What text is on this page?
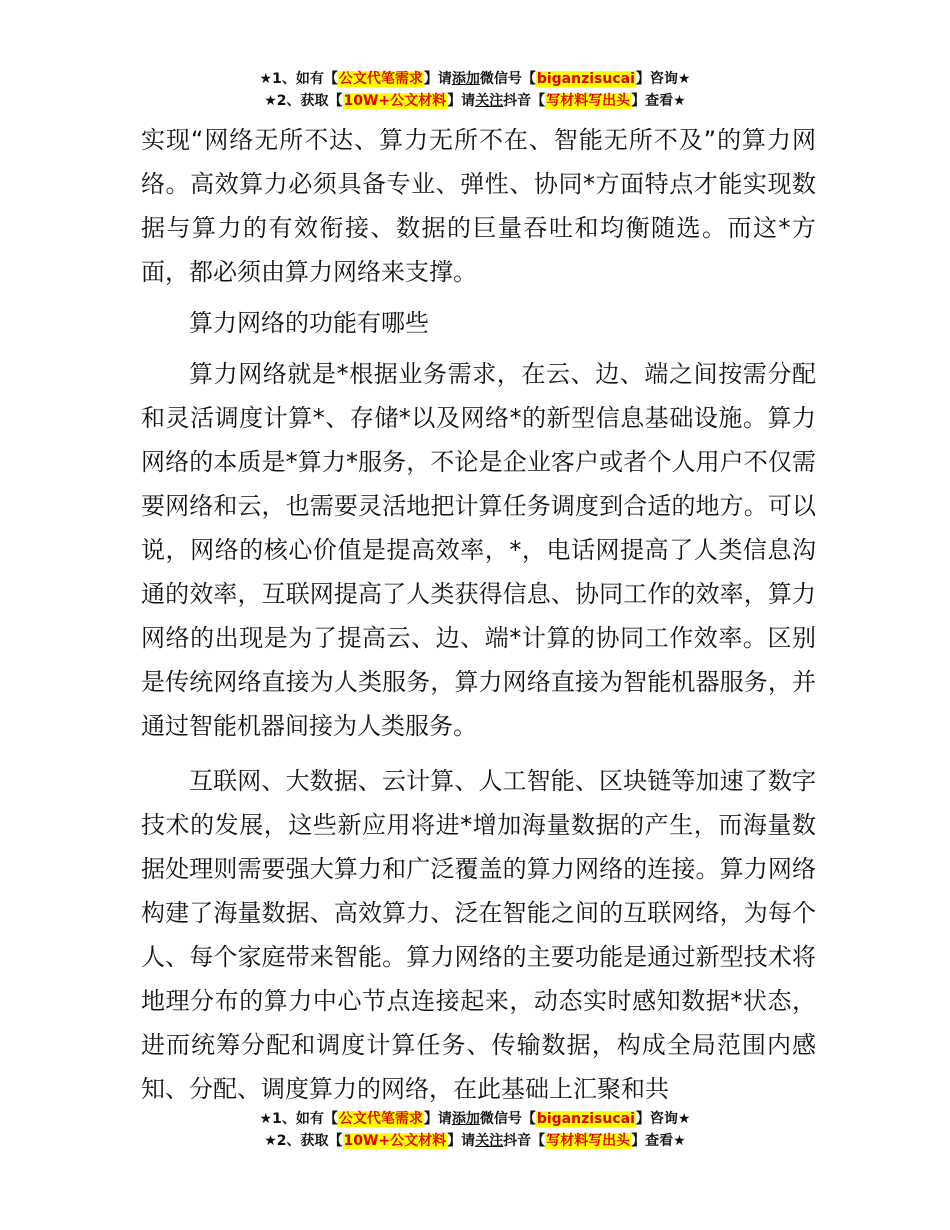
★1、如有【公文代笔需求】请添加微信号【biganzisucai】咨询★
★2、获取【10W+公文材料】请关注抖音【写材料写出头】查看★

实现“网络无所不达、算力无所不在、智能无所不及”的算力网络。高效算力必须具备专业、弹性、协同*方面特点才能实现数据与算力的有效衔接、数据的巨量吞吐和均衡随选。而这*方面，都必须由算力网络来支撑。

算力网络的功能有哪些

算力网络就是*根据业务需求，在云、边、端之间按需分配和灵活调度计算*、存储*以及网络*的新型信息基础设施。算力网络的本质是*算力*服务，不论是企业客户或者个人用户不仅需要网络和云，也需要灵活地把计算任务调度到合适的地方。可以说，网络的核心价值是提高效率，*，电话网提高了人类信息沟通的效率，互联网提高了人类获得信息、协同工作的效率，算力网络的出现是为了提高云、边、端*计算的协同工作效率。区别是传统网络直接为人类服务，算力网络直接为智能机器服务，并通过智能机器间接为人类服务。

互联网、大数据、云计算、人工智能、区块链等加速了数字技术的发展，这些新应用将进*增加海量数据的产生，而海量数据处理则需要强大算力和广泛覆盖的算力网络的连接。算力网络构建了海量数据、高效算力、泛在智能之间的互联网络，为每个人、每个家庭带来智能。算力网络的主要功能是通过新型技术将地理分布的算力中心节点连接起来，动态实时感知数据*状态，进而统筹分配和调度计算任务、传输数据，构成全局范围内感知、分配、调度算力的网络，在此基础上汇聚和共

★1、如有【公文代笔需求】请添加微信号【biganzisucai】咨询★
★2、获取【10W+公文材料】请关注抖音【写材料写出头】查看★
